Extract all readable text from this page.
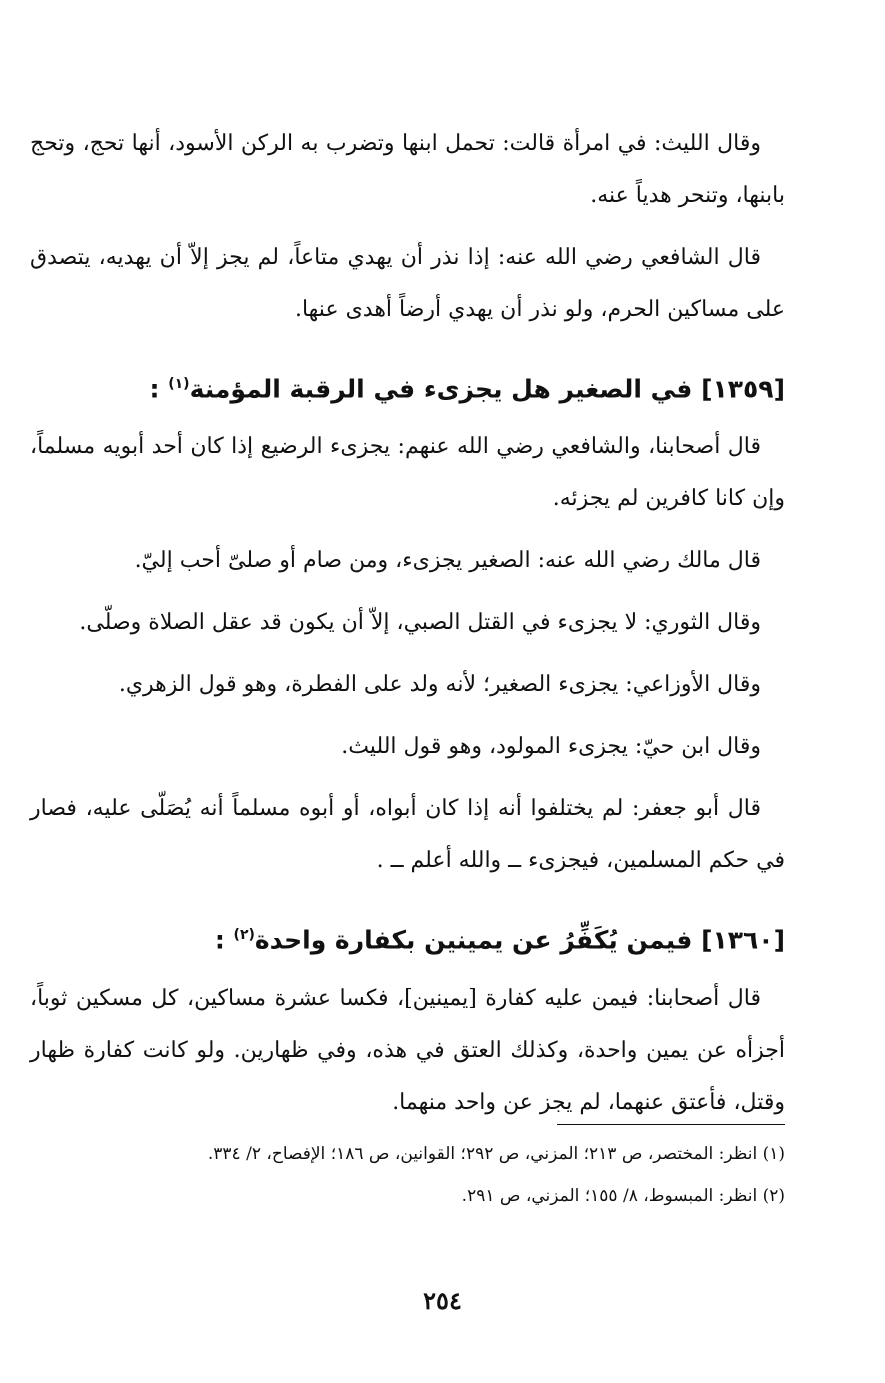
وقال الليث: في امرأة قالت: تحمل ابنها وتضرب به الركن الأسود، أنها تحج، وتحج بابنها، وتنحر هدياً عنه.

قال الشافعي رضي الله عنه: إذا نذر أن يهدي متاعاً، لم يجز إلاّ أن يهديه، يتصدق على مساكين الحرم، ولو نذر أن يهدي أرضاً أهدى عنها.

[١٣٥٩] في الصغير هل يجزىء في الرقبة المؤمنة$^{(١)}$ :

قال أصحابنا، والشافعي رضي الله عنهم: يجزىء الرضيع إذا كان أحد أبويه مسلماً، وإن كانا كافرين لم يجزئه.

قال مالك رضي الله عنه: الصغير يجزىء، ومن صام أو صلىّ أحب إليّ.

وقال الثوري: لا يجزىء في القتل الصبي، إلاّ أن يكون قد عقل الصلاة وصلّى.

وقال الأوزاعي: يجزىء الصغير؛ لأنه ولد على الفطرة، وهو قول الزهري.

وقال ابن حيّ: يجزىء المولود، وهو قول الليث.

قال أبو جعفر: لم يختلفوا أنه إذا كان أبواه، أو أبوه مسلماً أنه يُصَلّى عليه، فصار في حكم المسلمين، فيجزىء ــ والله أعلم ــ .

[١٣٦٠] فيمن يُكَفِّرُ عن يمينين بكفارة واحدة$^{(٢)}$ :

قال أصحابنا: فيمن عليه كفارة [يمينين]، فكسا عشرة مساكين، كل مسكين ثوباً، أجزأه عن يمين واحدة، وكذلك العتق في هذه، وفي ظهارين. ولو كانت كفارة ظهار وقتل، فأعتق عنهما، لم يجز عن واحد منهما.

(١) انظر: المختصر، ص ٢١٣؛ المزني، ص ٢٩٢؛ القوانين، ص ١٨٦؛ الإفصاح، ٢/ ٣٣٤.

(٢) انظر: المبسوط، ٨/ ١٥٥؛ المزني، ص ٢٩١.

٢٥٤
